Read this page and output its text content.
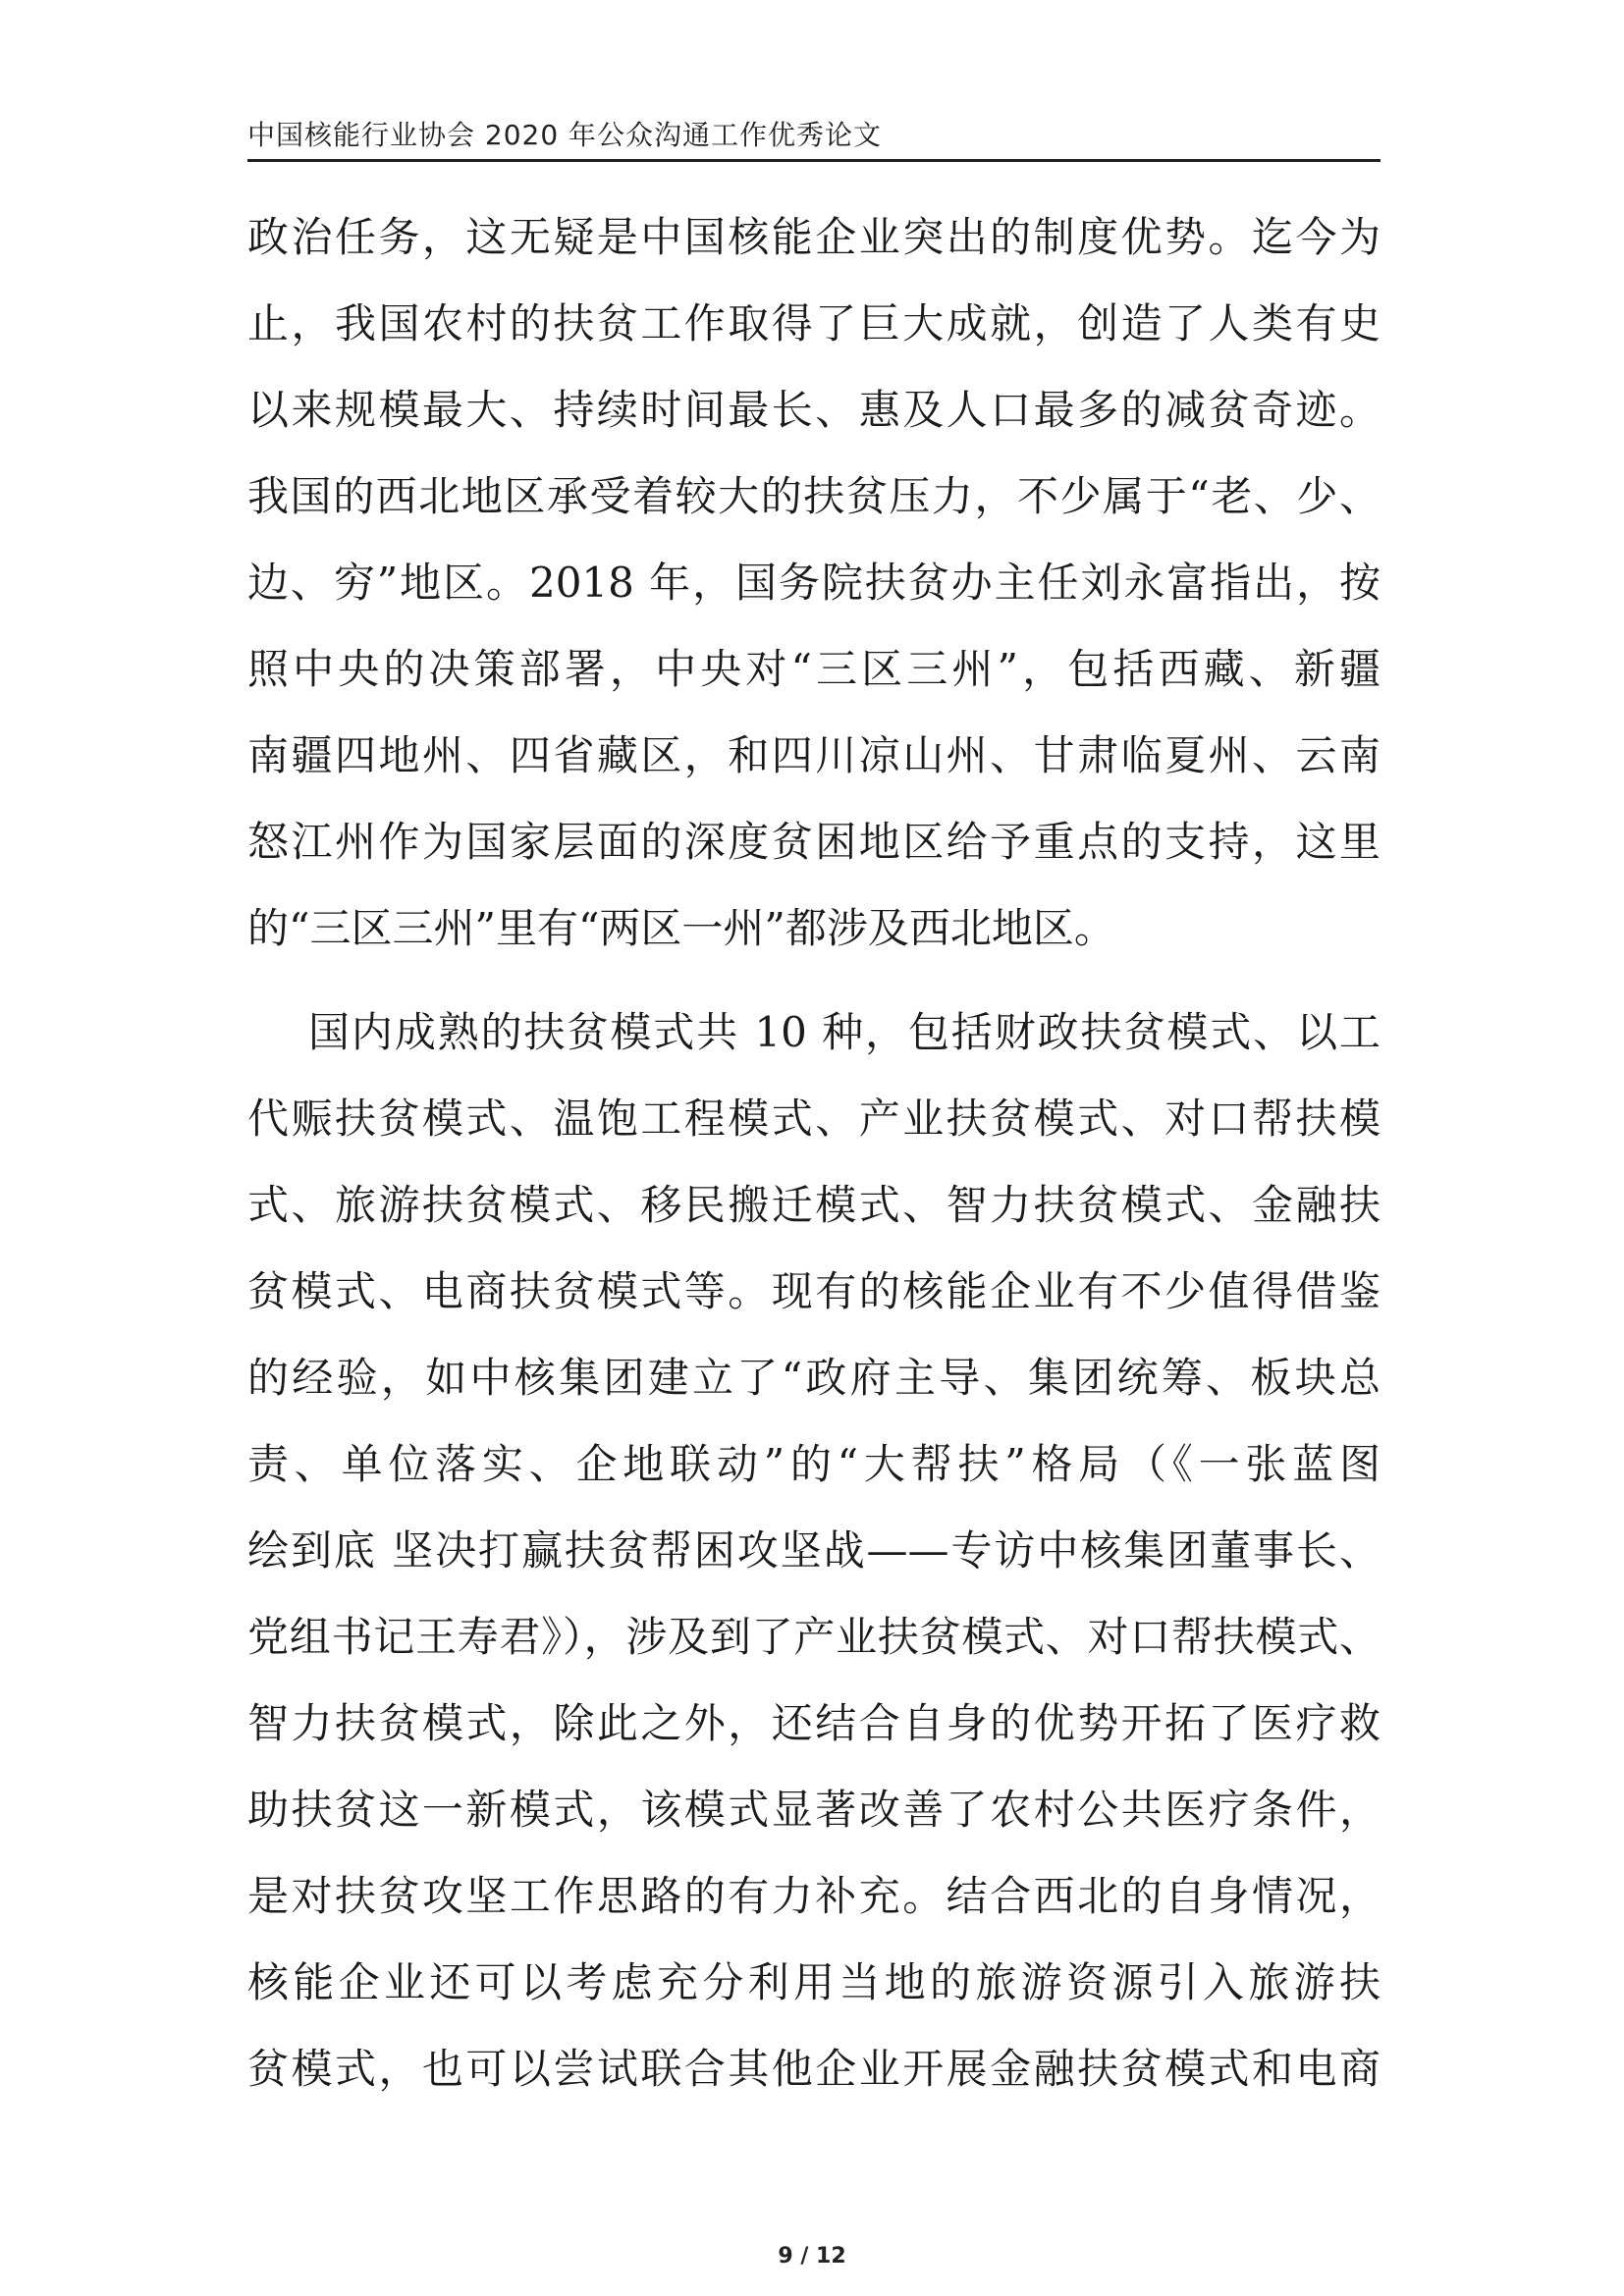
中国核能行业协会 2020 年公众沟通工作优秀论文
政治任务，这无疑是中国核能企业突出的制度优势。迄今为
止，我国农村的扶贫工作取得了巨大成就，创造了人类有史
以来规模最大、持续时间最长、惠及人口最多的减贫奇迹。
我国的西北地区承受着较大的扶贫压力，不少属于“老、少、
边、穷”地区。2018 年，国务院扶贫办主任刘永富指出，按
照中央的决策部署，中央对“三区三州”，包括西藏、新疆
南疆四地州、四省藏区，和四川凉山州、甘肃临夏州、云南
怒江州作为国家层面的深度贫困地区给予重点的支持，这里
的“三区三州”里有“两区一州”都涉及西北地区。
国内成熟的扶贫模式共 10 种，包括财政扶贫模式、以工
代赈扶贫模式、温饱工程模式、产业扶贫模式、对口帮扶模
式、旅游扶贫模式、移民搬迁模式、智力扶贫模式、金融扶
贫模式、电商扶贫模式等。现有的核能企业有不少值得借鉴
的经验，如中核集团建立了“政府主导、集团统筹、板块总
责、单位落实、企地联动”的“大帮扶”格局（《一张蓝图
绘到底 坚决打赢扶贫帮困攻坚战——专访中核集团董事长、
党组书记王寿君》），涉及到了产业扶贫模式、对口帮扶模式、
智力扶贫模式，除此之外，还结合自身的优势开拓了医疗救
助扶贫这一新模式，该模式显著改善了农村公共医疗条件，
是对扶贫攻坚工作思路的有力补充。结合西北的自身情况，
核能企业还可以考虑充分利用当地的旅游资源引入旅游扶
贫模式，也可以尝试联合其他企业开展金融扶贫模式和电商
9 / 12
